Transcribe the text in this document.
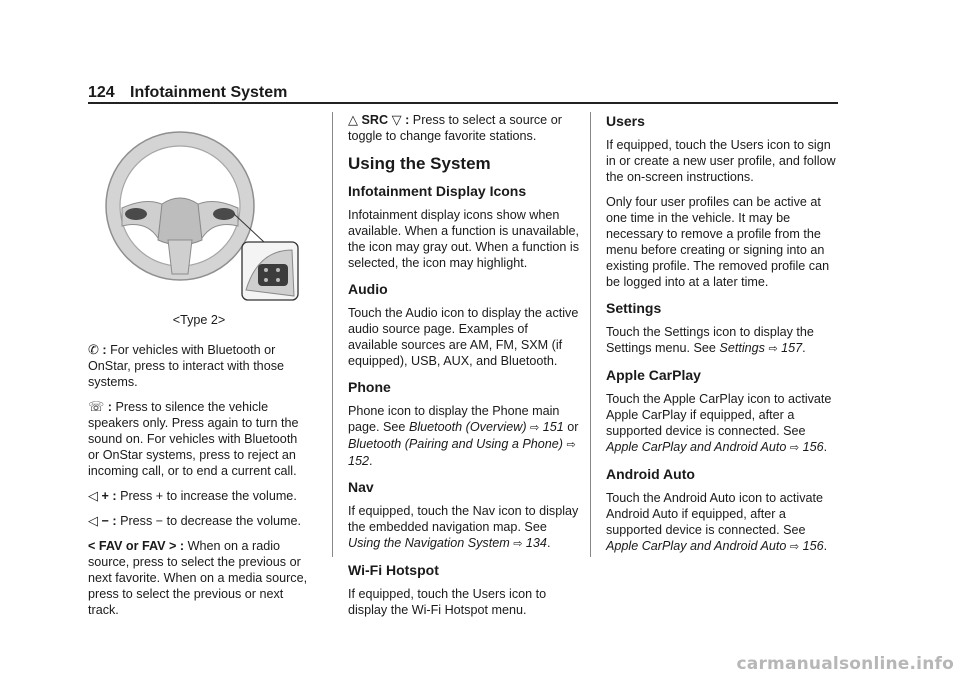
124 Infotainment System

<Type 2>

✆ : For vehicles with Bluetooth or OnStar, press to interact with those systems.

☏ : Press to silence the vehicle speakers only. Press again to turn the sound on. For vehicles with Bluetooth or OnStar systems, press to reject an incoming call, or to end a current call.

◁ + : Press + to increase the volume.

◁ − : Press − to decrease the volume.

< FAV or FAV > : When on a radio source, press to select the previous or next favorite. When on a media source, press to select the previous or next track.

△ SRC ▽ : Press to select a source or toggle to change favorite stations.

Using the System
Infotainment Display Icons

Infotainment display icons show when available. When a function is unavailable, the icon may gray out. When a function is selected, the icon may highlight.

Audio

Touch the Audio icon to display the active audio source page. Examples of available sources are AM, FM, SXM (if equipped), USB, AUX, and Bluetooth.

Phone

Phone icon to display the Phone main page. See Bluetooth (Overview) ⇨ 151 or Bluetooth (Pairing and Using a Phone) ⇨ 152.

Nav

If equipped, touch the Nav icon to display the embedded navigation map. See Using the Navigation System ⇨ 134.

Wi-Fi Hotspot

If equipped, touch the Users icon to display the Wi-Fi Hotspot menu.

Users

If equipped, touch the Users icon to sign in or create a new user profile, and follow the on-screen instructions.

Only four user profiles can be active at one time in the vehicle. It may be necessary to remove a profile from the menu before creating or signing into an existing profile. The removed profile can be logged into at a later time.

Settings

Touch the Settings icon to display the Settings menu. See Settings ⇨ 157.

Apple CarPlay

Touch the Apple CarPlay icon to activate Apple CarPlay if equipped, after a supported device is connected. See Apple CarPlay and Android Auto ⇨ 156.

Android Auto

Touch the Android Auto icon to activate Android Auto if equipped, after a supported device is connected. See Apple CarPlay and Android Auto ⇨ 156.

carmanualsonline.info
